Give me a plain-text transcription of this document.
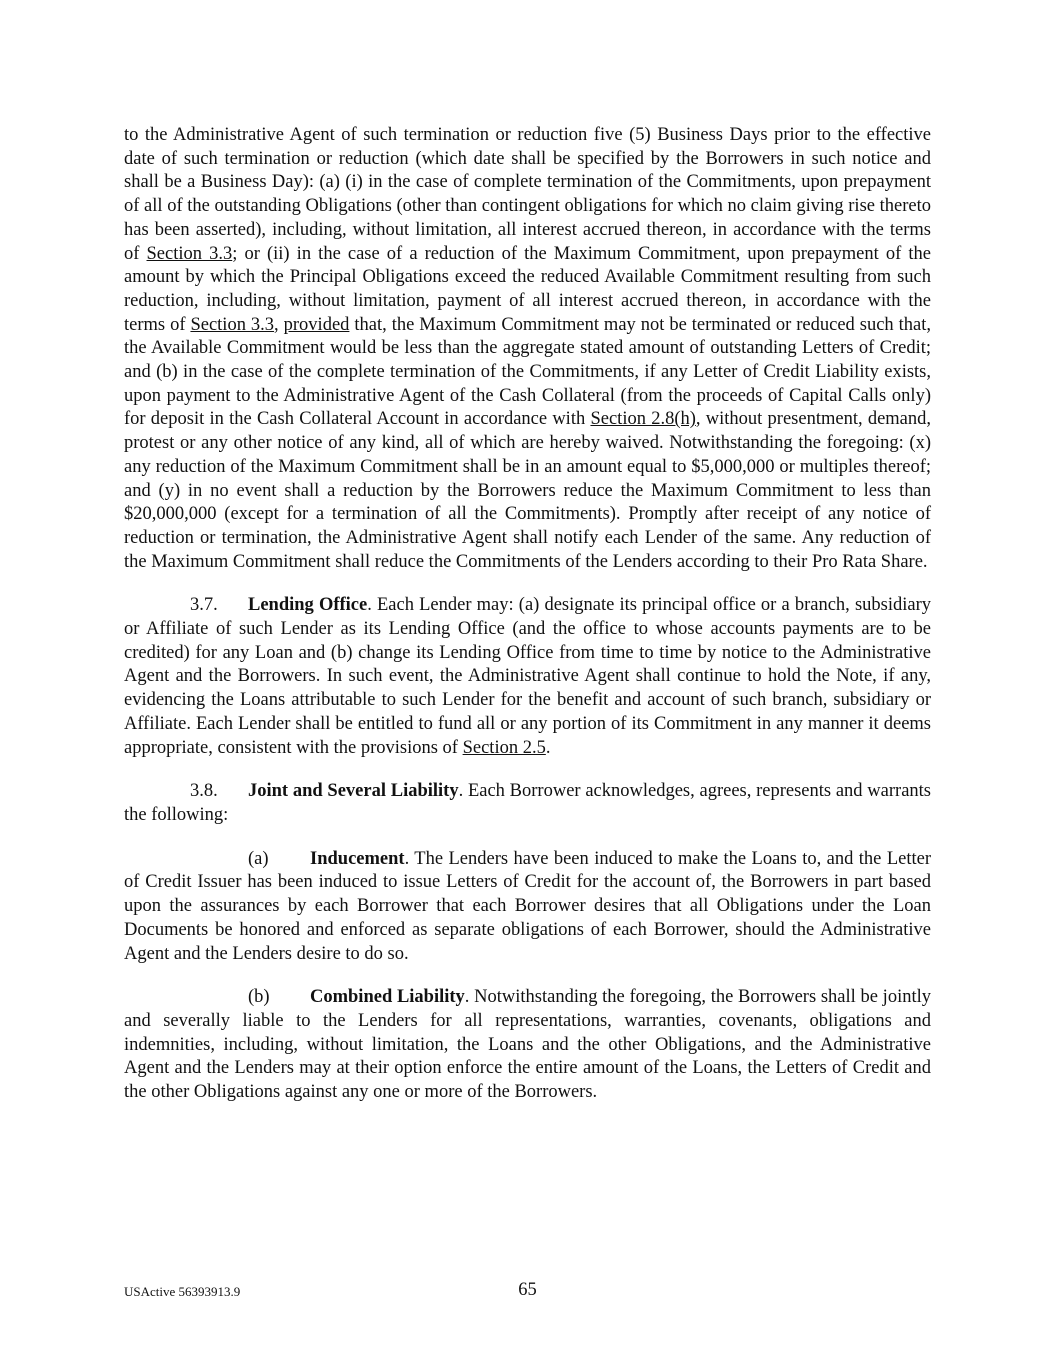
to the Administrative Agent of such termination or reduction five (5) Business Days prior to the effective date of such termination or reduction (which date shall be specified by the Borrowers in such notice and shall be a Business Day): (a) (i) in the case of complete termination of the Commitments, upon prepayment of all of the outstanding Obligations (other than contingent obligations for which no claim giving rise thereto has been asserted), including, without limitation, all interest accrued thereon, in accordance with the terms of Section 3.3; or (ii) in the case of a reduction of the Maximum Commitment, upon prepayment of the amount by which the Principal Obligations exceed the reduced Available Commitment resulting from such reduction, including, without limitation, payment of all interest accrued thereon, in accordance with the terms of Section 3.3, provided that, the Maximum Commitment may not be terminated or reduced such that, the Available Commitment would be less than the aggregate stated amount of outstanding Letters of Credit; and (b) in the case of the complete termination of the Commitments, if any Letter of Credit Liability exists, upon payment to the Administrative Agent of the Cash Collateral (from the proceeds of Capital Calls only) for deposit in the Cash Collateral Account in accordance with Section 2.8(h), without presentment, demand, protest or any other notice of any kind, all of which are hereby waived. Notwithstanding the foregoing: (x) any reduction of the Maximum Commitment shall be in an amount equal to $5,000,000 or multiples thereof; and (y) in no event shall a reduction by the Borrowers reduce the Maximum Commitment to less than $20,000,000 (except for a termination of all the Commitments). Promptly after receipt of any notice of reduction or termination, the Administrative Agent shall notify each Lender of the same. Any reduction of the Maximum Commitment shall reduce the Commitments of the Lenders according to their Pro Rata Share.

3.7. Lending Office. Each Lender may: (a) designate its principal office or a branch, subsidiary or Affiliate of such Lender as its Lending Office (and the office to whose accounts payments are to be credited) for any Loan and (b) change its Lending Office from time to time by notice to the Administrative Agent and the Borrowers. In such event, the Administrative Agent shall continue to hold the Note, if any, evidencing the Loans attributable to such Lender for the benefit and account of such branch, subsidiary or Affiliate. Each Lender shall be entitled to fund all or any portion of its Commitment in any manner it deems appropriate, consistent with the provisions of Section 2.5.

3.8. Joint and Several Liability. Each Borrower acknowledges, agrees, represents and warrants the following:

(a) Inducement. The Lenders have been induced to make the Loans to, and the Letter of Credit Issuer has been induced to issue Letters of Credit for the account of, the Borrowers in part based upon the assurances by each Borrower that each Borrower desires that all Obligations under the Loan Documents be honored and enforced as separate obligations of each Borrower, should the Administrative Agent and the Lenders desire to do so.

(b) Combined Liability. Notwithstanding the foregoing, the Borrowers shall be jointly and severally liable to the Lenders for all representations, warranties, covenants, obligations and indemnities, including, without limitation, the Loans and the other Obligations, and the Administrative Agent and the Lenders may at their option enforce the entire amount of the Loans, the Letters of Credit and the other Obligations against any one or more of the Borrowers.

USActive 56393913.9	65
